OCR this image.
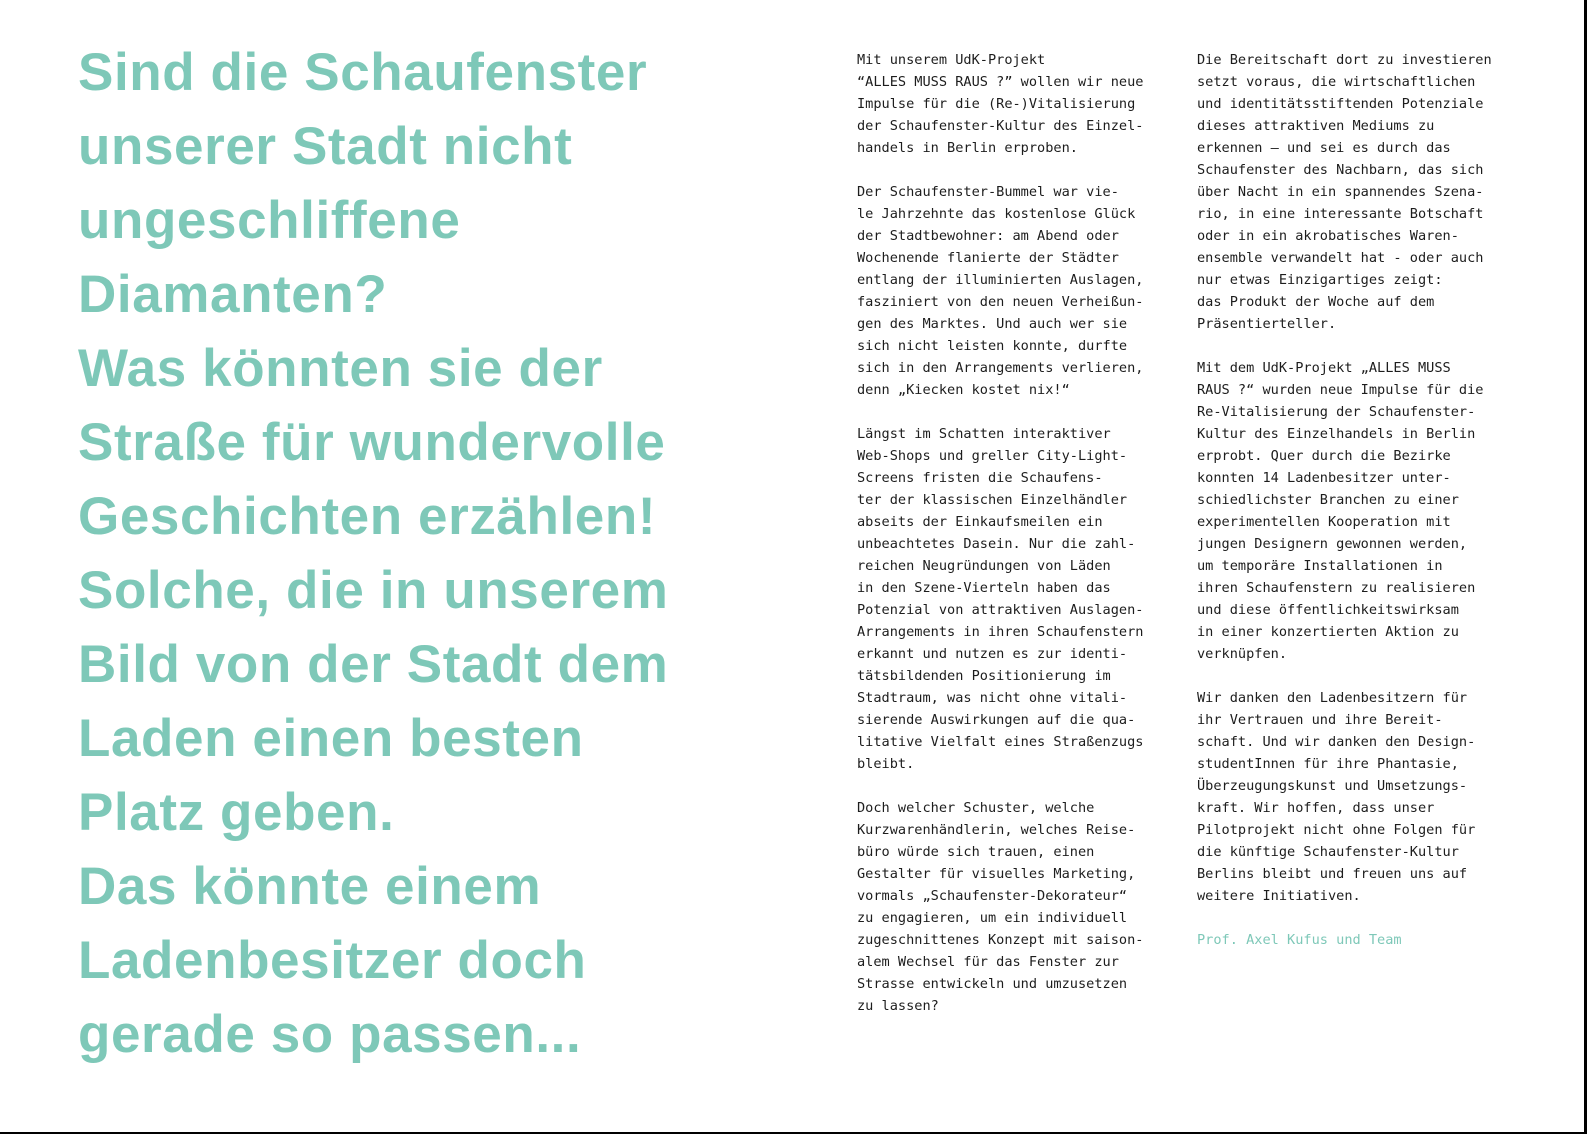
Sind die Schaufenster
unserer Stadt nicht
ungeschliffene
Diamanten?
Was könnten sie der
Straße für wundervolle
Geschichten erzählen!
Solche, die in unserem
Bild von der Stadt dem
Laden einen besten
Platz geben.
Das könnte einem
Ladenbesitzer doch
gerade so passen...
Mit unserem UdK-Projekt
“ALLES MUSS RAUS ?” wollen wir neue
Impulse für die (Re-)Vitalisierung
der Schaufenster-Kultur des Einzel-
handels in Berlin erproben.
Der Schaufenster-Bummel war vie-
le Jahrzehnte das kostenlose Glück
der Stadtbewohner: am Abend oder
Wochenende flanierte der Städter
entlang der illuminierten Auslagen,
fasziniert von den neuen Verheißun-
gen des Marktes. Und auch wer sie
sich nicht leisten konnte, durfte
sich in den Arrangements verlieren,
denn „Kiecken kostet nix!“
Längst im Schatten interaktiver
Web-Shops und greller City-Light-
Screens fristen die Schaufens-
ter der klassischen Einzelhändler
abseits der Einkaufsmeilen ein
unbeachtetes Dasein. Nur die zahl-
reichen Neugründungen von Läden
in den Szene-Vierteln haben das
Potenzial von attraktiven Auslagen-
Arrangements in ihren Schaufenstern
erkannt und nutzen es zur identi-
tätsbildenden Positionierung im
Stadtraum, was nicht ohne vitali-
sierende Auswirkungen auf die qua-
litative Vielfalt eines Straßenzugs
bleibt.
Doch welcher Schuster, welche
Kurzwarenhändlerin, welches Reise-
büro würde sich trauen, einen
Gestalter für visuelles Marketing,
vormals „Schaufenster-Dekorateur“
zu engagieren, um ein individuell
zugeschnittenes Konzept mit saison-
alem Wechsel für das Fenster zur
Strasse entwickeln und umzusetzen
zu lassen?
Die Bereitschaft dort zu investieren
setzt voraus, die wirtschaftlichen
und identitätsstiftenden Potenziale
dieses attraktiven Mediums zu
erkennen – und sei es durch das
Schaufenster des Nachbarn, das sich
über Nacht in ein spannendes Szena-
rio, in eine interessante Botschaft
oder in ein akrobatisches Waren-
ensemble verwandelt hat - oder auch
nur etwas Einzigartiges zeigt:
das Produkt der Woche auf dem
Präsentierteller.
Mit dem UdK-Projekt „ALLES MUSS
RAUS ?“ wurden neue Impulse für die
Re-Vitalisierung der Schaufenster-
Kultur des Einzelhandels in Berlin
erprobt. Quer durch die Bezirke
konnten 14 Ladenbesitzer unter-
schiedlichster Branchen zu einer
experimentellen Kooperation mit
jungen Designern gewonnen werden,
um temporäre Installationen in
ihren Schaufenstern zu realisieren
und diese öffentlichkeitswirksam
in einer konzertierten Aktion zu
verknüpfen.
Wir danken den Ladenbesitzern für
ihr Vertrauen und ihre Bereit-
schaft. Und wir danken den Design-
studentInnen für ihre Phantasie,
Überzeugungskunst und Umsetzungs-
kraft. Wir hoffen, dass unser
Pilotprojekt nicht ohne Folgen für
die künftige Schaufenster-Kultur
Berlins bleibt und freuen uns auf
weitere Initiativen.
Prof. Axel Kufus und Team
